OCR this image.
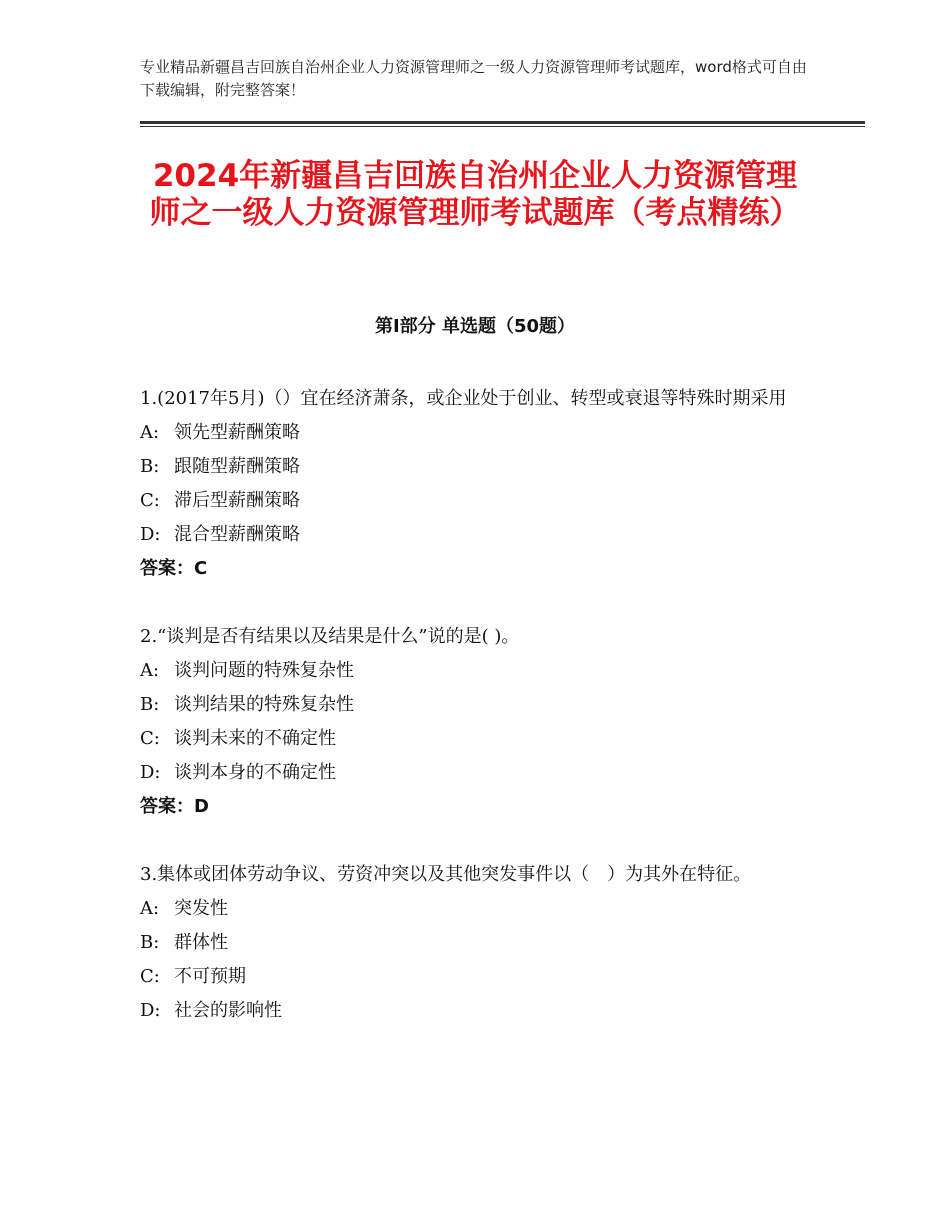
专业精品新疆昌吉回族自治州企业人力资源管理师之一级人力资源管理师考试题库，word格式可自由下载编辑，附完整答案！
2024年新疆昌吉回族自治州企业人力资源管理师之一级人力资源管理师考试题库（考点精练）
第Ⅰ部分 单选题（50题）
1.(2017年5月)（）宜在经济萧条，或企业处于创业、转型或衰退等特殊时期采用
A: 领先型薪酬策略
B: 跟随型薪酬策略
C: 滞后型薪酬策略
D: 混合型薪酬策略
答案：C
2.“谈判是否有结果以及结果是什么”说的是( )。
A: 谈判问题的特殊复杂性
B: 谈判结果的特殊复杂性
C: 谈判未来的不确定性
D: 谈判本身的不确定性
答案：D
3.集体或团体劳动争议、劳资冲突以及其他突发事件以（　）为其外在特征。
A: 突发性
B: 群体性
C: 不可预期
D: 社会的影响性
